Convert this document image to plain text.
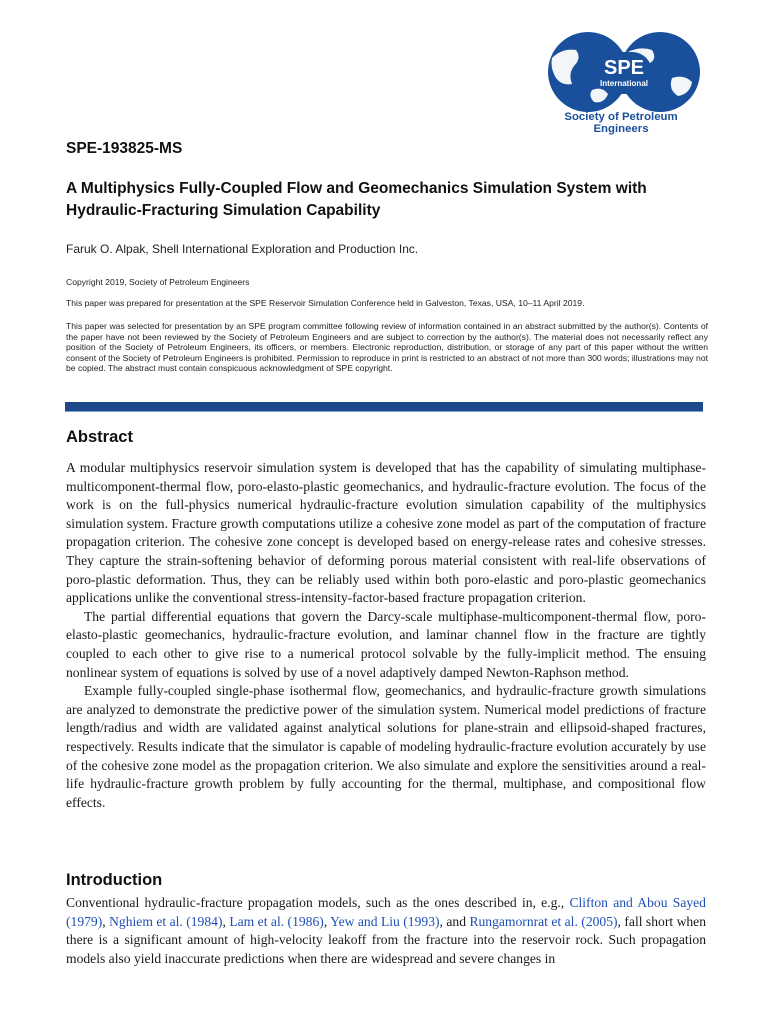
SPE
International
Society of Petroleum Engineers
SPE-193825-MS
A Multiphysics Fully-Coupled Flow and Geomechanics Simulation System with Hydraulic-Fracturing Simulation Capability
Faruk O. Alpak, Shell International Exploration and Production Inc.
Copyright 2019, Society of Petroleum Engineers
This paper was prepared for presentation at the SPE Reservoir Simulation Conference held in Galveston, Texas, USA, 10–11 April 2019.

This paper was selected for presentation by an SPE program committee following review of information contained in an abstract submitted by the author(s). Contents of the paper have not been reviewed by the Society of Petroleum Engineers and are subject to correction by the author(s). The material does not necessarily reflect any position of the Society of Petroleum Engineers, its officers, or members. Electronic reproduction, distribution, or storage of any part of this paper without the written consent of the Society of Petroleum Engineers is prohibited. Permission to reproduce in print is restricted to an abstract of not more than 300 words; illustrations may not be copied. The abstract must contain conspicuous acknowledgment of SPE copyright.

Abstract

A modular multiphysics reservoir simulation system is developed that has the capability of simulating multiphase-multicomponent-thermal flow, poro-elasto-plastic geomechanics, and hydraulic-fracture evolution. The focus of the work is on the full-physics numerical hydraulic-fracture evolution simulation capability of the multiphysics simulation system. Fracture growth computations utilize a cohesive zone model as part of the computation of fracture propagation criterion. The cohesive zone concept is developed based on energy-release rates and cohesive stresses. They capture the strain-softening behavior of deforming porous material consistent with real-life observations of poro-plastic deformation. Thus, they can be reliably used within both poro-elastic and poro-plastic geomechanics applications unlike the conventional stress-intensity-factor-based fracture propagation criterion.

The partial differential equations that govern the Darcy-scale multiphase-multicomponent-thermal flow, poro-elasto-plastic geomechanics, hydraulic-fracture evolution, and laminar channel flow in the fracture are tightly coupled to each other to give rise to a numerical protocol solvable by the fully-implicit method. The ensuing nonlinear system of equations is solved by use of a novel adaptively damped Newton-Raphson method.

Example fully-coupled single-phase isothermal flow, geomechanics, and hydraulic-fracture growth simulations are analyzed to demonstrate the predictive power of the simulation system. Numerical model predictions of fracture length/radius and width are validated against analytical solutions for plane-strain and ellipsoid-shaped fractures, respectively. Results indicate that the simulator is capable of modeling hydraulic-fracture evolution accurately by use of the cohesive zone model as the propagation criterion. We also simulate and explore the sensitivities around a real-life hydraulic-fracture growth problem by fully accounting for the thermal, multiphase, and compositional flow effects.

Introduction

Conventional hydraulic-fracture propagation models, such as the ones described in, e.g., Clifton and Abou Sayed (1979), Nghiem et al. (1984), Lam et al. (1986), Yew and Liu (1993), and Rungamornrat et al. (2005), fall short when there is a significant amount of high-velocity leakoff from the fracture into the reservoir rock. Such propagation models also yield inaccurate predictions when there are widespread and severe changes in
